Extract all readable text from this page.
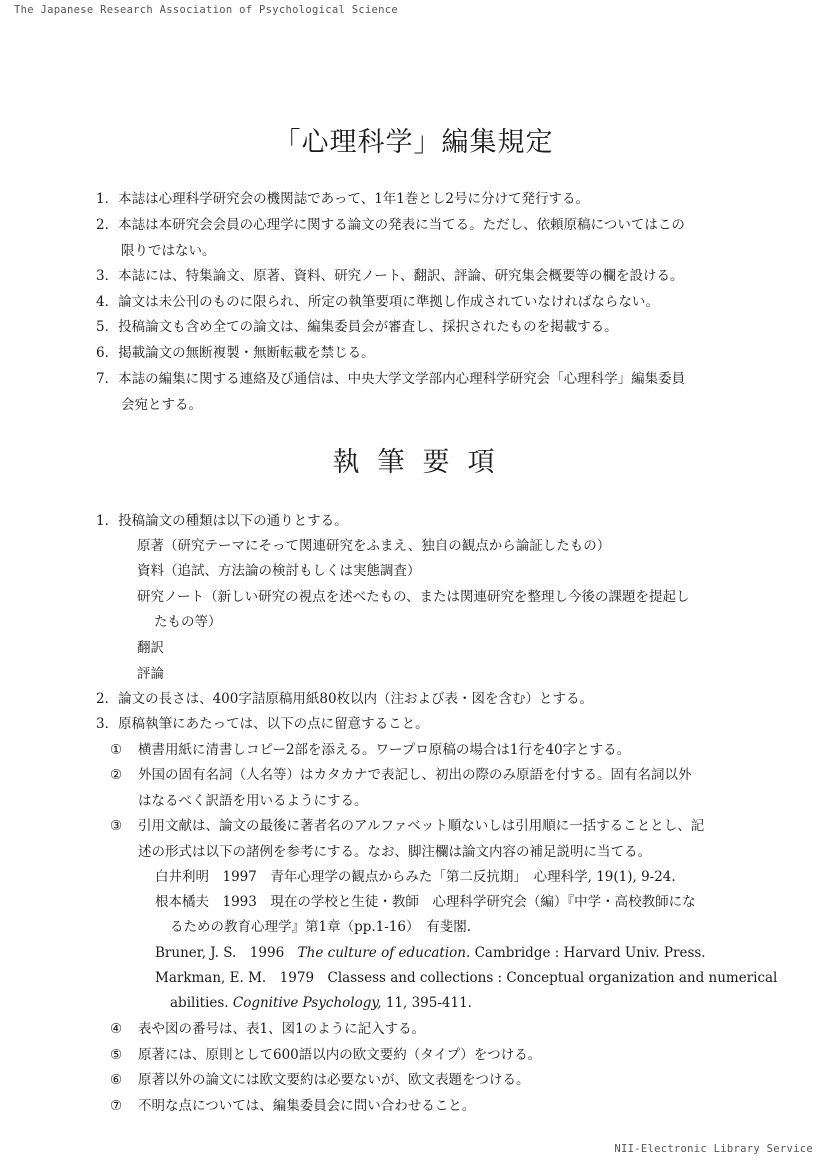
The Japanese Research Association of Psychological Science
「心理科学」編集規定
1．本誌は心理科学研究会の機関誌であって、1年1巻とし2号に分けて発行する。
2．本誌は本研究会会員の心理学に関する論文の発表に当てる。ただし、依頼原稿についてはこの
限りではない。
3．本誌には、特集論文、原著、資料、研究ノート、翻訳、評論、研究集会概要等の欄を設ける。
4．論文は未公刊のものに限られ、所定の執筆要項に準拠し作成されていなければならない。
5．投稿論文も含め全ての論文は、編集委員会が審査し、採択されたものを掲載する。
6．掲載論文の無断複製・無断転載を禁じる。
7．本誌の編集に関する連絡及び通信は、中央大学文学部内心理科学研究会「心理科学」編集委員
会宛とする。
執筆要項
1．投稿論文の種類は以下の通りとする。
原著（研究テーマにそって関連研究をふまえ、独自の観点から論証したもの）
資料（追試、方法論の検討もしくは実態調査）
研究ノート（新しい研究の視点を述べたもの、または関連研究を整理し今後の課題を提起し
たもの等）
翻訳
評論
2．論文の長さは、400字詰原稿用紙80枚以内（注および表・図を含む）とする。
3．原稿執筆にあたっては、以下の点に留意すること。
① 横書用紙に清書しコピー2部を添える。ワープロ原稿の場合は1行を40字とする。
② 外国の固有名詞（人名等）はカタカナで表記し、初出の際のみ原語を付する。固有名詞以外
はなるべく訳語を用いるようにする。
③ 引用文献は、論文の最後に著者名のアルファベット順ないしは引用順に一括することとし、記
述の形式は以下の諸例を参考にする。なお、脚注欄は論文内容の補足説明に当てる。
白井利明　1997　青年心理学の観点からみた「第二反抗期」　心理科学, 19(1), 9-24.
根本橘夫　1993　現在の学校と生徒・教師　心理科学研究会（編）『中学・高校教師にな
るための教育心理学』第1章（pp.1-16）　有斐閣.
Bruner, J. S.　1996　The culture of education. Cambridge : Harvard Univ. Press.
Markman, E. M.　1979　Classess and collections : Conceptual organization and numerical
abilities. Cognitive Psychology, 11, 395-411.
④ 表や図の番号は、表1、図1のように記入する。
⑤ 原著には、原則として600語以内の欧文要約（タイプ）をつける。
⑥ 原著以外の論文には欧文要約は必要ないが、欧文表題をつける。
⑦ 不明な点については、編集委員会に問い合わせること。
NII-Electronic Library Service
